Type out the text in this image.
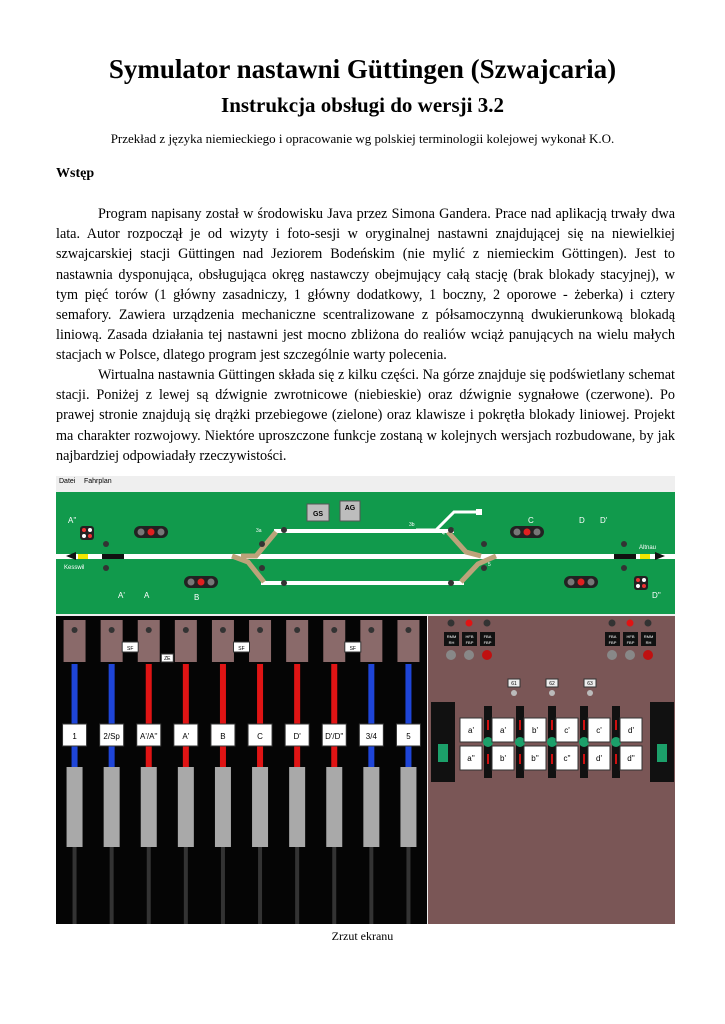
Symulator nastawni Güttingen (Szwajcaria)
Instrukcja obsługi do wersji 3.2
Przekład z języka niemieckiego i opracowanie wg polskiej terminologii kolejowej wykonał K.O.
Wstęp

Program napisany został w środowisku Java przez Simona Gandera. Prace nad aplikacją trwały dwa lata. Autor rozpoczął je od wizyty i foto-sesji w oryginalnej nastawni znajdującej się na niewielkiej szwajcarskiej stacji Güttingen nad Jeziorem Bodeńskim (nie mylić z niemieckim Göttingen). Jest to nastawnia dysponująca, obsługująca okręg nastawczy obejmujący całą stację (brak blokady stacyjnej), w tym pięć torów (1 główny zasadniczy, 1 główny dodatkowy, 1 boczny, 2 oporowe - żeberka) i cztery semafory. Zawiera urządzenia mechaniczne scentralizowane z półsamoczynną dwukierunkową blokadą liniową. Zasada działania tej nastawni jest mocno zbliżona do realiów wciąż panujących na wielu małych stacjach w Polsce, dlatego program jest szczególnie warty polecenia.

Wirtualna nastawnia Güttingen składa się z kilku części. Na górze znajduje się podświetlany schemat stacji. Poniżej z lewej są dźwignie zwrotnicowe (niebieskie) oraz dźwignie sygnałowe (czerwone). Po prawej stronie znajdują się drążki przebiegowe (zielone) oraz klawisze i pokrętła blokady liniowej. Projekt ma charakter rozwojowy. Niektóre uproszczone funkcje zostaną w kolejnych wersjach rozbudowane, by jak najbardziej odpowiadały rzeczywistości.

Datei Fahrplan
GS
AG
Kesswil
Altnau
A''
A' A	B
C	D D'
D''
3a
3b
4
5
1	2/Sp	A'/A''	A'	B	C	D'	D'/D''	3/4	5
SF	SF	SF
ZE
RMM
RH
HFB
FBP
FBA
FBP
FBA
FBP
HFB
FBP
RMM
RH
61	62	63
a'
a''
a'
b'
b'
b''
c'
c''
c'
d'
d'
d''
Zrzut ekranu
